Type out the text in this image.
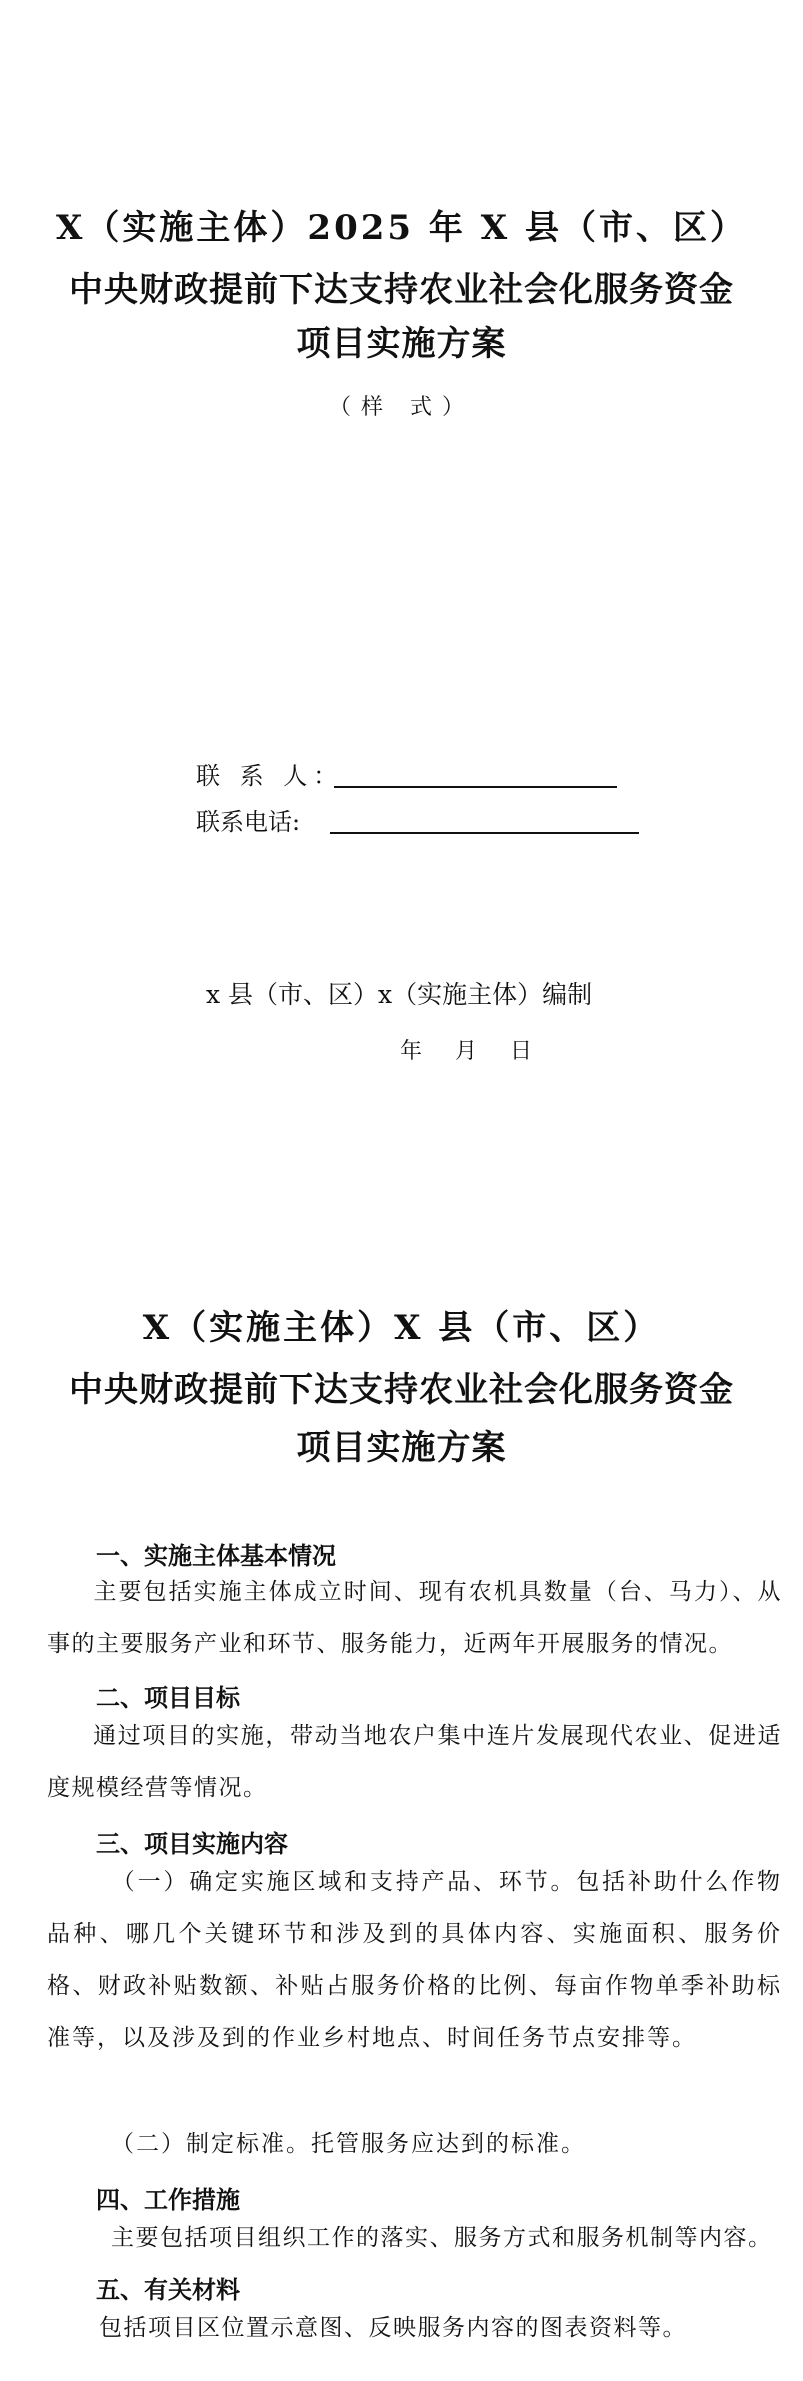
X（实施主体）2025 年 X 县（市、区）
中央财政提前下达支持农业社会化服务资金
项目实施方案
（样 式）
联 系 人：
联系电话:
x 县（市、区）x（实施主体）编制
年 月 日
X（实施主体）X 县（市、区）
中央财政提前下达支持农业社会化服务资金
项目实施方案
一、实施主体基本情况
主要包括实施主体成立时间、现有农机具数量（台、马力）、从事的主要服务产业和环节、服务能力，近两年开展服务的情况。
二、项目目标
通过项目的实施，带动当地农户集中连片发展现代农业、促进适度规模经营等情况。
三、项目实施内容
（一）确定实施区域和支持产品、环节。包括补助什么作物 品种、哪几个关键环节和涉及到的具体内容、实施面积、服务价 格、财政补贴数额、补贴占服务价格的比例、每亩作物单季补助标准等，以及涉及到的作业乡村地点、时间任务节点安排等。
（二）制定标准。托管服务应达到的标准。
四、工作措施
主要包括项目组织工作的落实、服务方式和服务机制等内容。
五、有关材料
包括项目区位置示意图、反映服务内容的图表资料等。
